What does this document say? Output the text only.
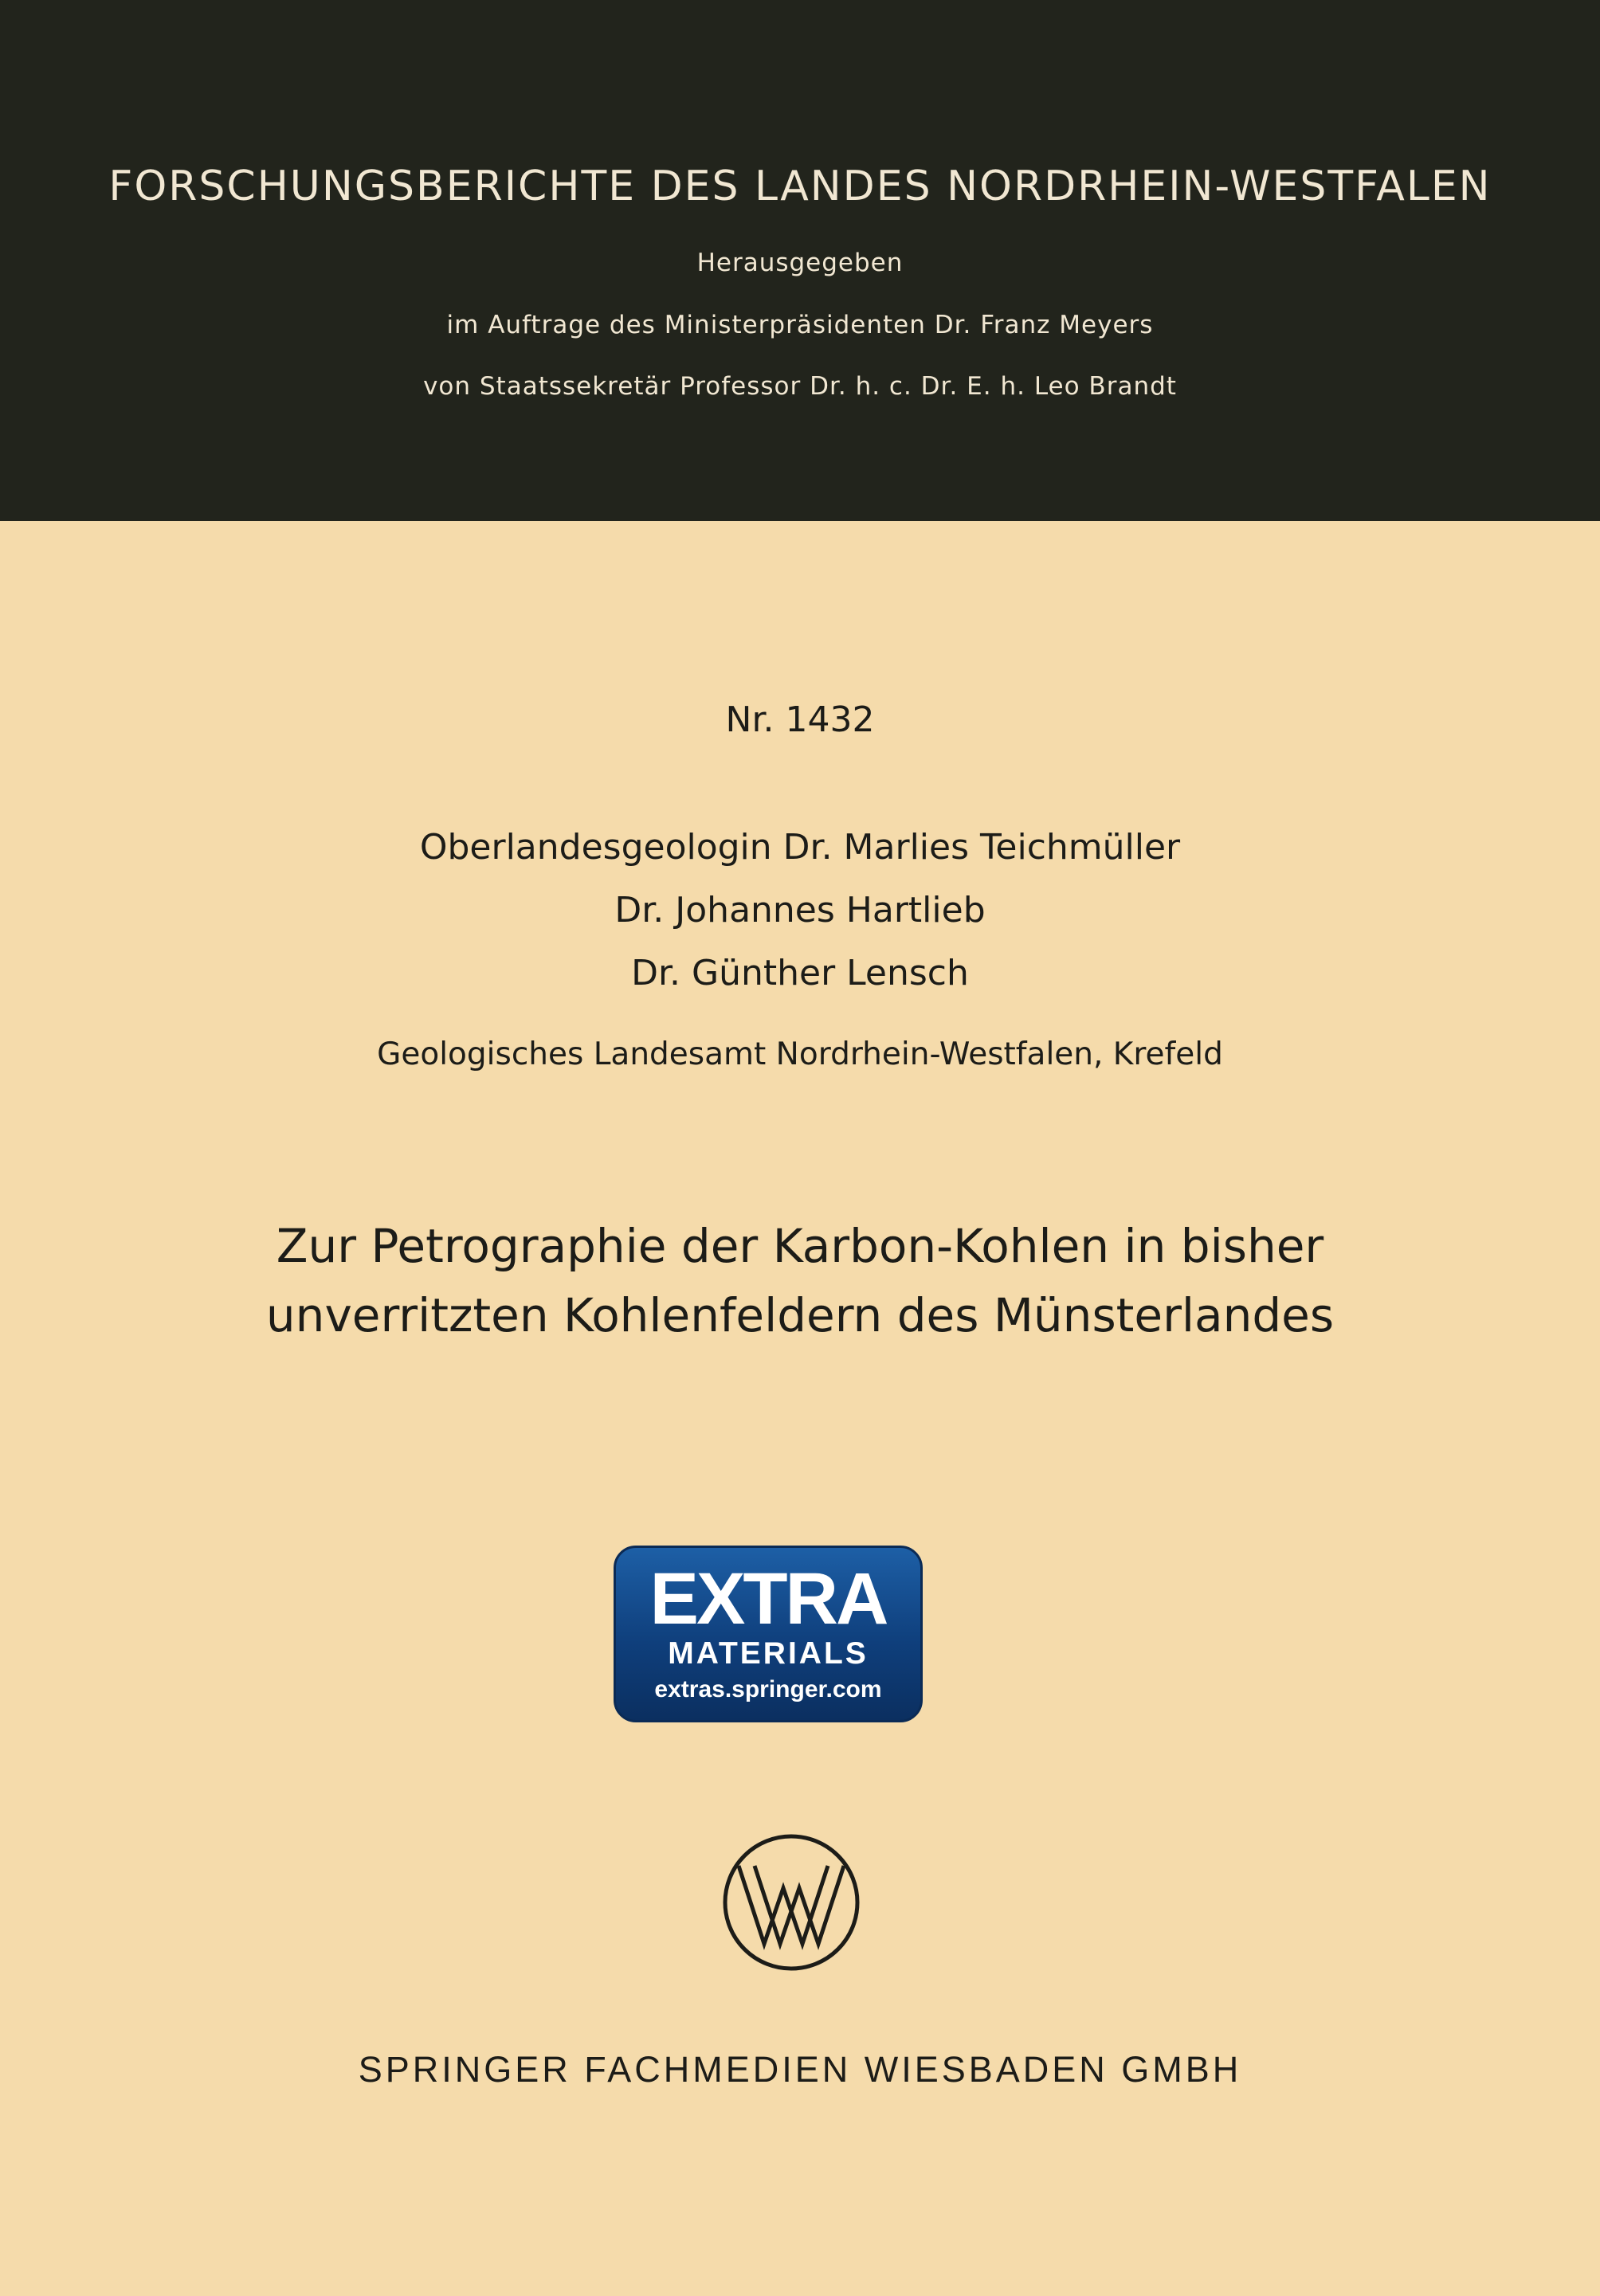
FORSCHUNGSBERICHTE DES LANDES NORDRHEIN-WESTFALEN
Herausgegeben
im Auftrage des Ministerpräsidenten Dr. Franz Meyers
von Staatssekretär Professor Dr. h. c. Dr. E. h. Leo Brandt
Nr. 1432
Oberlandesgeologin Dr. Marlies Teichmüller
Dr. Johannes Hartlieb
Dr. Günther Lensch
Geologisches Landesamt Nordrhein-Westfalen, Krefeld
Zur Petrographie der Karbon-Kohlen in bisher
unverritzten Kohlenfeldern des Münsterlandes
EXTRA
MATERIALS
extras.springer.com
SPRINGER FACHMEDIEN WIESBADEN GMBH
